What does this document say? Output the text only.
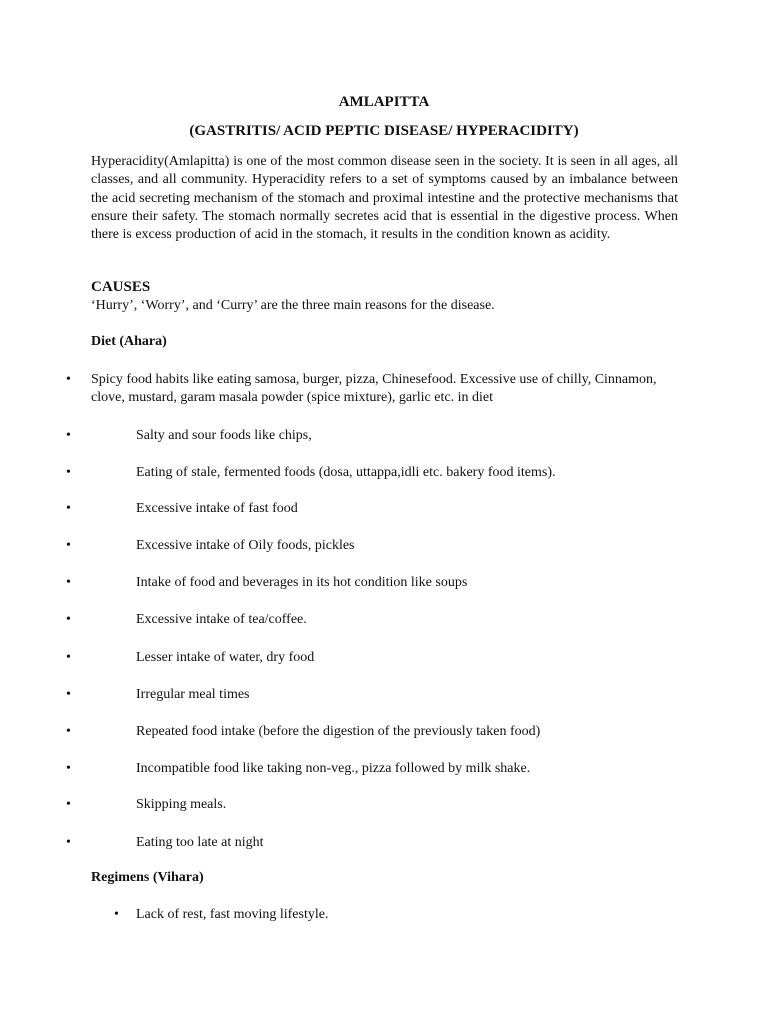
AMLAPITTA
(GASTRITIS/ ACID PEPTIC DISEASE/ HYPERACIDITY)
Hyperacidity(Amlapitta) is one of the most common disease seen in the society. It is seen in all ages, all classes, and all community. Hyperacidity refers to a set of symptoms caused by an imbalance between the acid secreting mechanism of the stomach and proximal intestine and the protective mechanisms that ensure their safety. The stomach normally secretes acid that is essential in the digestive process. When there is excess production of acid in the stomach, it results in the condition known as acidity.
CAUSES
‘Hurry’, ‘Worry’, and ‘Curry’ are the three main reasons for the disease.
Diet (Ahara)
• Spicy food habits like eating samosa, burger, pizza, Chinesefood. Excessive use of chilly, Cinnamon, clove, mustard, garam masala powder (spice mixture), garlic etc. in diet
•	Salty and sour foods like chips,
•	Eating of stale, fermented foods (dosa, uttappa,idli etc. bakery food items).
•	Excessive intake of fast food
•	Excessive intake of Oily foods, pickles
•	Intake of food and beverages in its hot condition like soups
•	Excessive intake of tea/coffee.
•	Lesser intake of water, dry food
•	Irregular meal times
•	Repeated food intake (before the digestion of the previously taken food)
•	Incompatible food like taking non-veg., pizza followed by milk shake.
•	Skipping meals.
•	Eating too late at night
Regimens (Vihara)
• Lack of rest, fast moving lifestyle.
